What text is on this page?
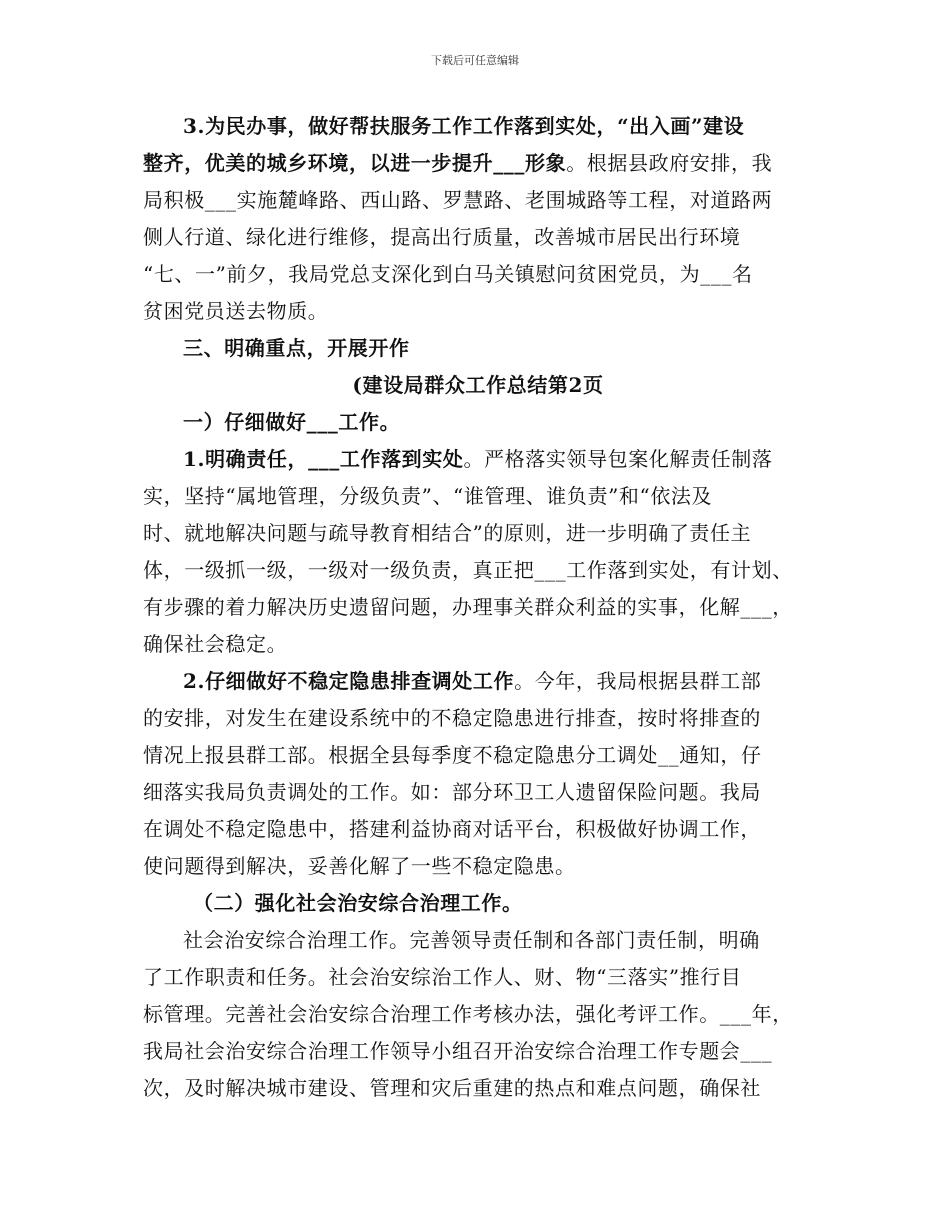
下载后可任意编辑
3.为民办事，做好帮扶服务工作工作落到实处，“出入画”建设
整齐，优美的城乡环境，以进一步提升___形象。根据县政府安排，我
局积极___实施麓峰路、西山路、罗慧路、老围城路等工程，对道路两
侧人行道、绿化进行维修，提高出行质量，改善城市居民出行环境
“七、一”前夕，我局党总支深化到白马关镇慰问贫困党员，为___名
贫困党员送去物质。
三、明确重点，开展开作
(建设局群众工作总结第2页
一）仔细做好___工作。
1.明确责任，___工作落到实处。严格落实领导包案化解责任制落
实，坚持“属地管理，分级负责”、“谁管理、谁负责”和“依法及
时、就地解决问题与疏导教育相结合”的原则，进一步明确了责任主
体，一级抓一级，一级对一级负责，真正把___工作落到实处，有计划、
有步骤的着力解决历史遗留问题，办理事关群众利益的实事，化解___，
确保社会稳定。
2.仔细做好不稳定隐患排查调处工作。今年，我局根据县群工部
的安排，对发生在建设系统中的不稳定隐患进行排查，按时将排查的
情况上报县群工部。根据全县每季度不稳定隐患分工调处__通知，仔
细落实我局负责调处的工作。如：部分环卫工人遗留保险问题。我局
在调处不稳定隐患中，搭建利益协商对话平台，积极做好协调工作，
使问题得到解决，妥善化解了一些不稳定隐患。
（二）强化社会治安综合治理工作。
社会治安综合治理工作。完善领导责任制和各部门责任制，明确
了工作职责和任务。社会治安综治工作人、财、物“三落实”推行目
标管理。完善社会治安综合治理工作考核办法，强化考评工作。___年，
我局社会治安综合治理工作领导小组召开治安综合治理工作专题会___
次，及时解决城市建设、管理和灾后重建的热点和难点问题，确保社
